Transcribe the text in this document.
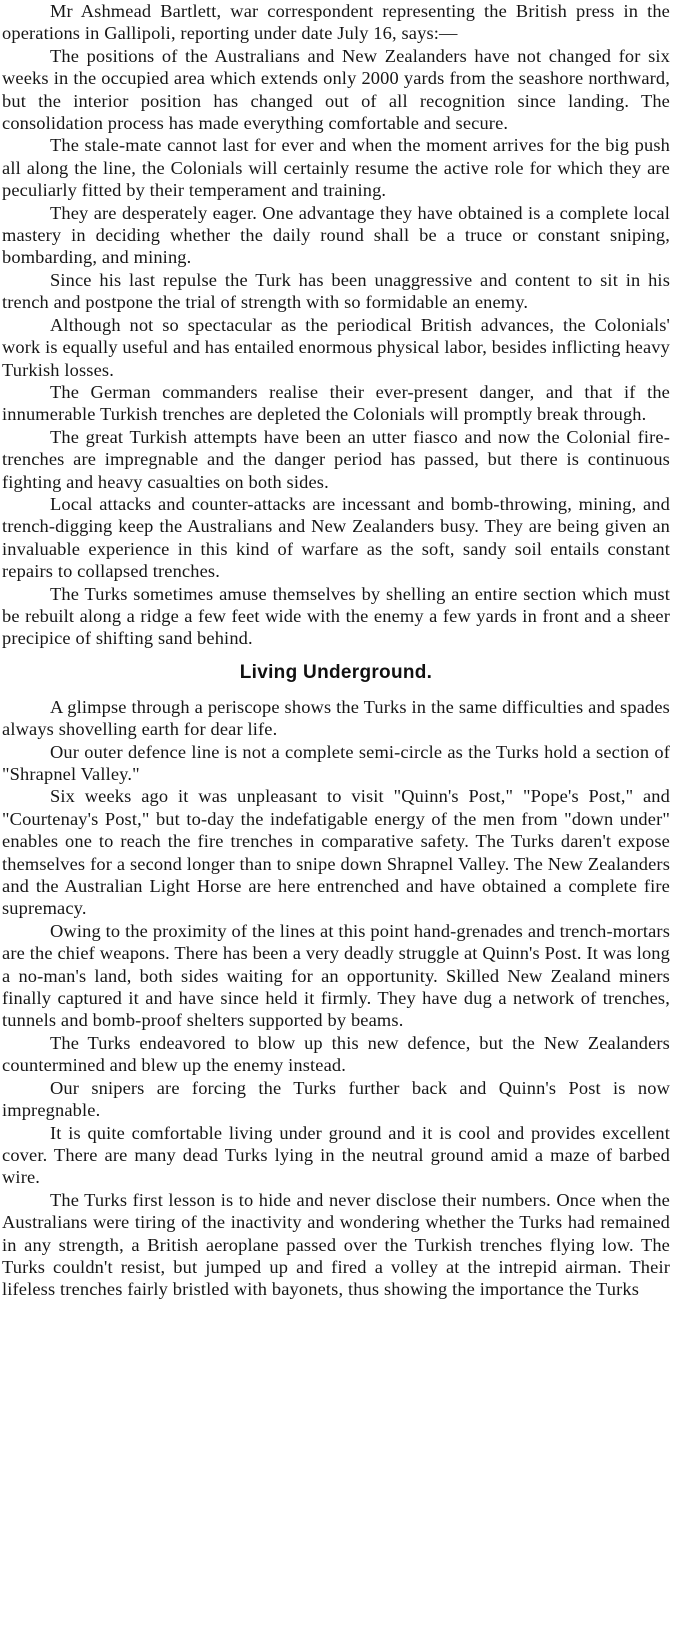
Mr Ashmead Bartlett, war correspondent representing the British press in the operations in Gallipoli, reporting under date July 16, says:—

The positions of the Australians and New Zealanders have not changed for six weeks in the occupied area which extends only 2000 yards from the seashore northward, but the interior position has changed out of all recognition since landing. The consolidation process has made everything comfortable and secure.

The stale-mate cannot last for ever and when the moment arrives for the big push all along the line, the Colonials will certainly resume the active role for which they are peculiarly fitted by their temperament and training.

They are desperately eager. One advantage they have obtained is a complete local mastery in deciding whether the daily round shall be a truce or constant sniping, bombarding, and mining.

Since his last repulse the Turk has been unaggressive and content to sit in his trench and postpone the trial of strength with so formidable an enemy.

Although not so spectacular as the periodical British advances, the Colonials' work is equally useful and has entailed enormous physical labor, besides inflicting heavy Turkish losses.

The German commanders realise their ever-present danger, and that if the innumerable Turkish trenches are depleted the Colonials will promptly break through.

The great Turkish attempts have been an utter fiasco and now the Colonial fire-trenches are impregnable and the danger period has passed, but there is continuous fighting and heavy casualties on both sides.

Local attacks and counter-attacks are incessant and bomb-throwing, mining, and trench-digging keep the Australians and New Zealanders busy. They are being given an invaluable experience in this kind of warfare as the soft, sandy soil entails constant repairs to collapsed trenches.

The Turks sometimes amuse themselves by shelling an entire section which must be rebuilt along a ridge a few feet wide with the enemy a few yards in front and a sheer precipice of shifting sand behind.

Living Underground.

A glimpse through a periscope shows the Turks in the same difficulties and spades always shovelling earth for dear life.

Our outer defence line is not a complete semi-circle as the Turks hold a section of "Shrapnel Valley."

Six weeks ago it was unpleasant to visit "Quinn's Post," "Pope's Post," and "Courtenay's Post," but to-day the indefatigable energy of the men from "down under" enables one to reach the fire trenches in comparative safety. The Turks daren't expose themselves for a second longer than to snipe down Shrapnel Valley. The New Zealanders and the Australian Light Horse are here entrenched and have obtained a complete fire supremacy.

Owing to the proximity of the lines at this point hand-grenades and trench-mortars are the chief weapons. There has been a very deadly struggle at Quinn's Post. It was long a no-man's land, both sides waiting for an opportunity. Skilled New Zealand miners finally captured it and have since held it firmly. They have dug a network of trenches, tunnels and bomb-proof shelters supported by beams.

The Turks endeavored to blow up this new defence, but the New Zealanders countermined and blew up the enemy instead.

Our snipers are forcing the Turks further back and Quinn's Post is now impregnable.

It is quite comfortable living under ground and it is cool and provides excellent cover. There are many dead Turks lying in the neutral ground amid a maze of barbed wire.

The Turks first lesson is to hide and never disclose their numbers. Once when the Australians were tiring of the inactivity and wondering whether the Turks had remained in any strength, a British aeroplane passed over the Turkish trenches flying low. The Turks couldn't resist, but jumped up and fired a volley at the intrepid airman. Their lifeless trenches fairly bristled with bayonets, thus showing the importance the Turks
